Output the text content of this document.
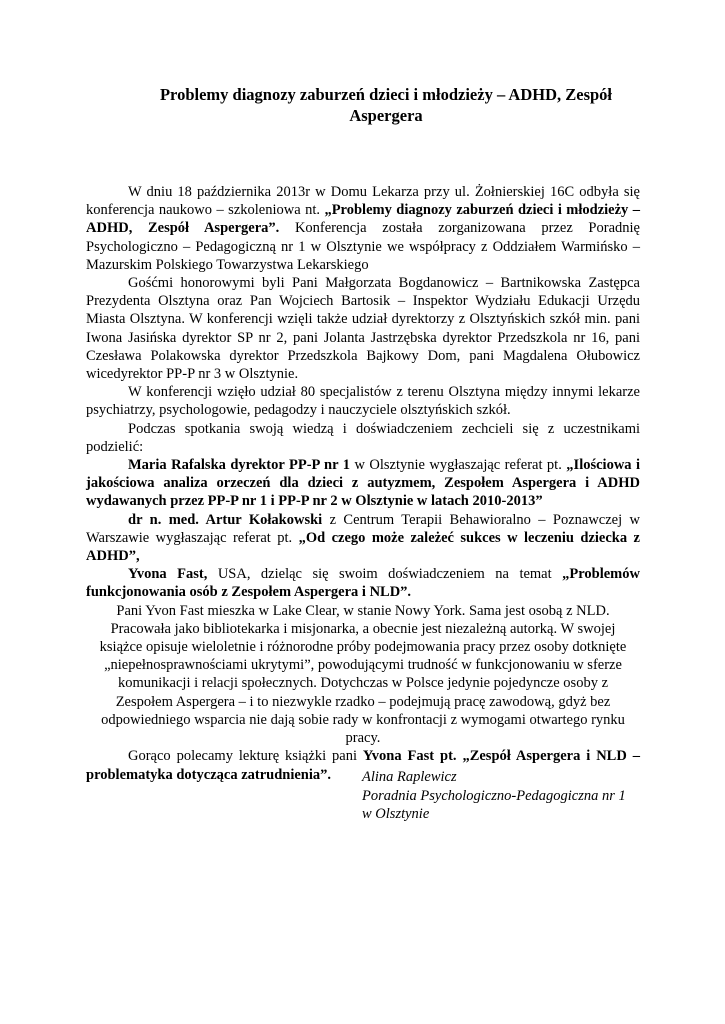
Problemy diagnozy zaburzeń dzieci i młodzieży – ADHD, Zespół Aspergera

W dniu 18 października 2013r w Domu Lekarza przy ul. Żołnierskiej 16C odbyła się konferencja naukowo – szkoleniowa nt. „Problemy diagnozy zaburzeń dzieci i młodzieży – ADHD, Zespół Aspergera”. Konferencja została zorganizowana przez Poradnię Psychologiczno – Pedagogiczną nr 1 w Olsztynie we współpracy z Oddziałem Warmińsko – Mazurskim Polskiego Towarzystwa Lekarskiego

Gośćmi honorowymi byli Pani Małgorzata Bogdanowicz – Bartnikowska Zastępca Prezydenta Olsztyna oraz Pan Wojciech Bartosik – Inspektor Wydziału Edukacji Urzędu Miasta Olsztyna. W konferencji wzięli także udział dyrektorzy z Olsztyńskich szkół min. pani Iwona Jasińska dyrektor SP nr 2, pani Jolanta Jastrzębska dyrektor Przedszkola nr 16, pani Czesława Polakowska dyrektor Przedszkola Bajkowy Dom, pani Magdalena Ołubowicz wicedyrektor PP-P nr 3 w Olsztynie.

W konferencji wzięło udział 80 specjalistów z terenu Olsztyna między innymi lekarze psychiatrzy, psychologowie, pedagodzy i nauczyciele olsztyńskich szkół.

Podczas spotkania swoją wiedzą i doświadczeniem zechcieli się z uczestnikami podzielić:

Maria Rafalska dyrektor PP-P nr 1 w Olsztynie wygłaszając referat pt. „Ilościowa i jakościowa analiza orzeczeń dla dzieci z autyzmem, Zespołem Aspergera i ADHD wydawanych przez PP-P nr 1 i PP-P nr 2 w Olsztynie w latach 2010-2013”

dr n. med. Artur Kołakowski z Centrum Terapii Behawioralno – Poznawczej w Warszawie wygłaszając referat pt. „Od czego może zależeć sukces w leczeniu dziecka z ADHD”,

Yvona Fast, USA, dzieląc się swoim doświadczeniem na temat „Problemów funkcjonowania osób z Zespołem Aspergera i NLD”.

Pani Yvon Fast mieszka w Lake Clear, w stanie Nowy York. Sama jest osobą z NLD. Pracowała jako bibliotekarka i misjonarka, a obecnie jest niezależną autorką. W swojej książce opisuje wieloletnie i różnorodne próby podejmowania pracy przez osoby dotknięte „niepełnosprawnościami ukrytymi”, powodującymi trudność w funkcjonowaniu w sferze komunikacji i relacji społecznych. Dotychczas w Polsce jedynie pojedyncze osoby z Zespołem Aspergera – i to niezwykle rzadko – podejmują pracę zawodową, gdyż bez odpowiedniego wsparcia nie dają sobie rady w konfrontacji z wymogami otwartego rynku pracy.

Gorąco polecamy lekturę książki pani Yvona Fast pt. „Zespół Aspergera i NLD – problematyka dotycząca zatrudnienia”.	Alina Raplewicz
Poradnia Psychologiczno-Pedagogiczna nr 1
w Olsztynie
